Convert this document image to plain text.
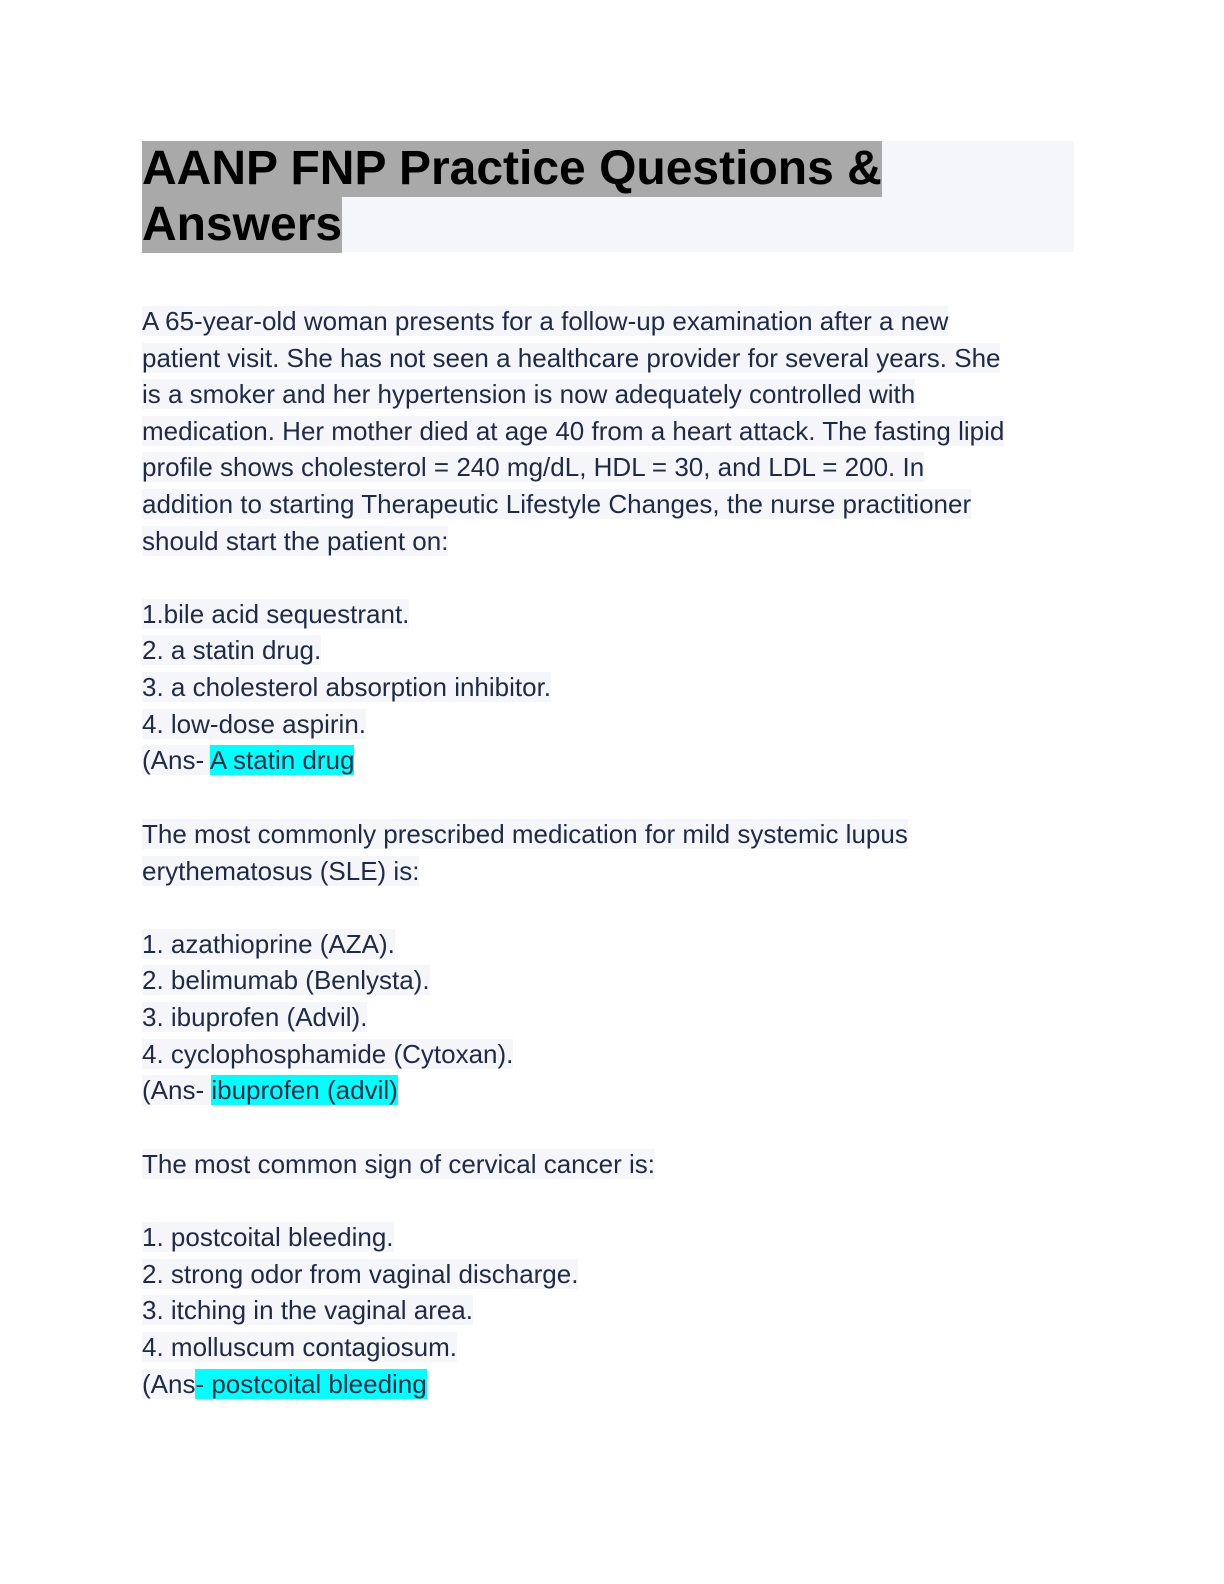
AANP FNP Practice Questions &
Answers
A 65-year-old woman presents for a follow-up examination after a new
patient visit. She has not seen a healthcare provider for several years. She
is a smoker and her hypertension is now adequately controlled with
medication. Her mother died at age 40 from a heart attack. The fasting lipid
profile shows cholesterol = 240 mg/dL, HDL = 30, and LDL = 200. In
addition to starting Therapeutic Lifestyle Changes, the nurse practitioner
should start the patient on:
1.bile acid sequestrant.
2. a statin drug.
3. a cholesterol absorption inhibitor.
4. low-dose aspirin.
(Ans- A statin drug
The most commonly prescribed medication for mild systemic lupus
erythematosus (SLE) is:
1. azathioprine (AZA).
2. belimumab (Benlysta).
3. ibuprofen (Advil).
4. cyclophosphamide (Cytoxan).
(Ans- ibuprofen (advil)
The most common sign of cervical cancer is:
1. postcoital bleeding.
2. strong odor from vaginal discharge.
3. itching in the vaginal area.
4. molluscum contagiosum.
(Ans- postcoital bleeding
